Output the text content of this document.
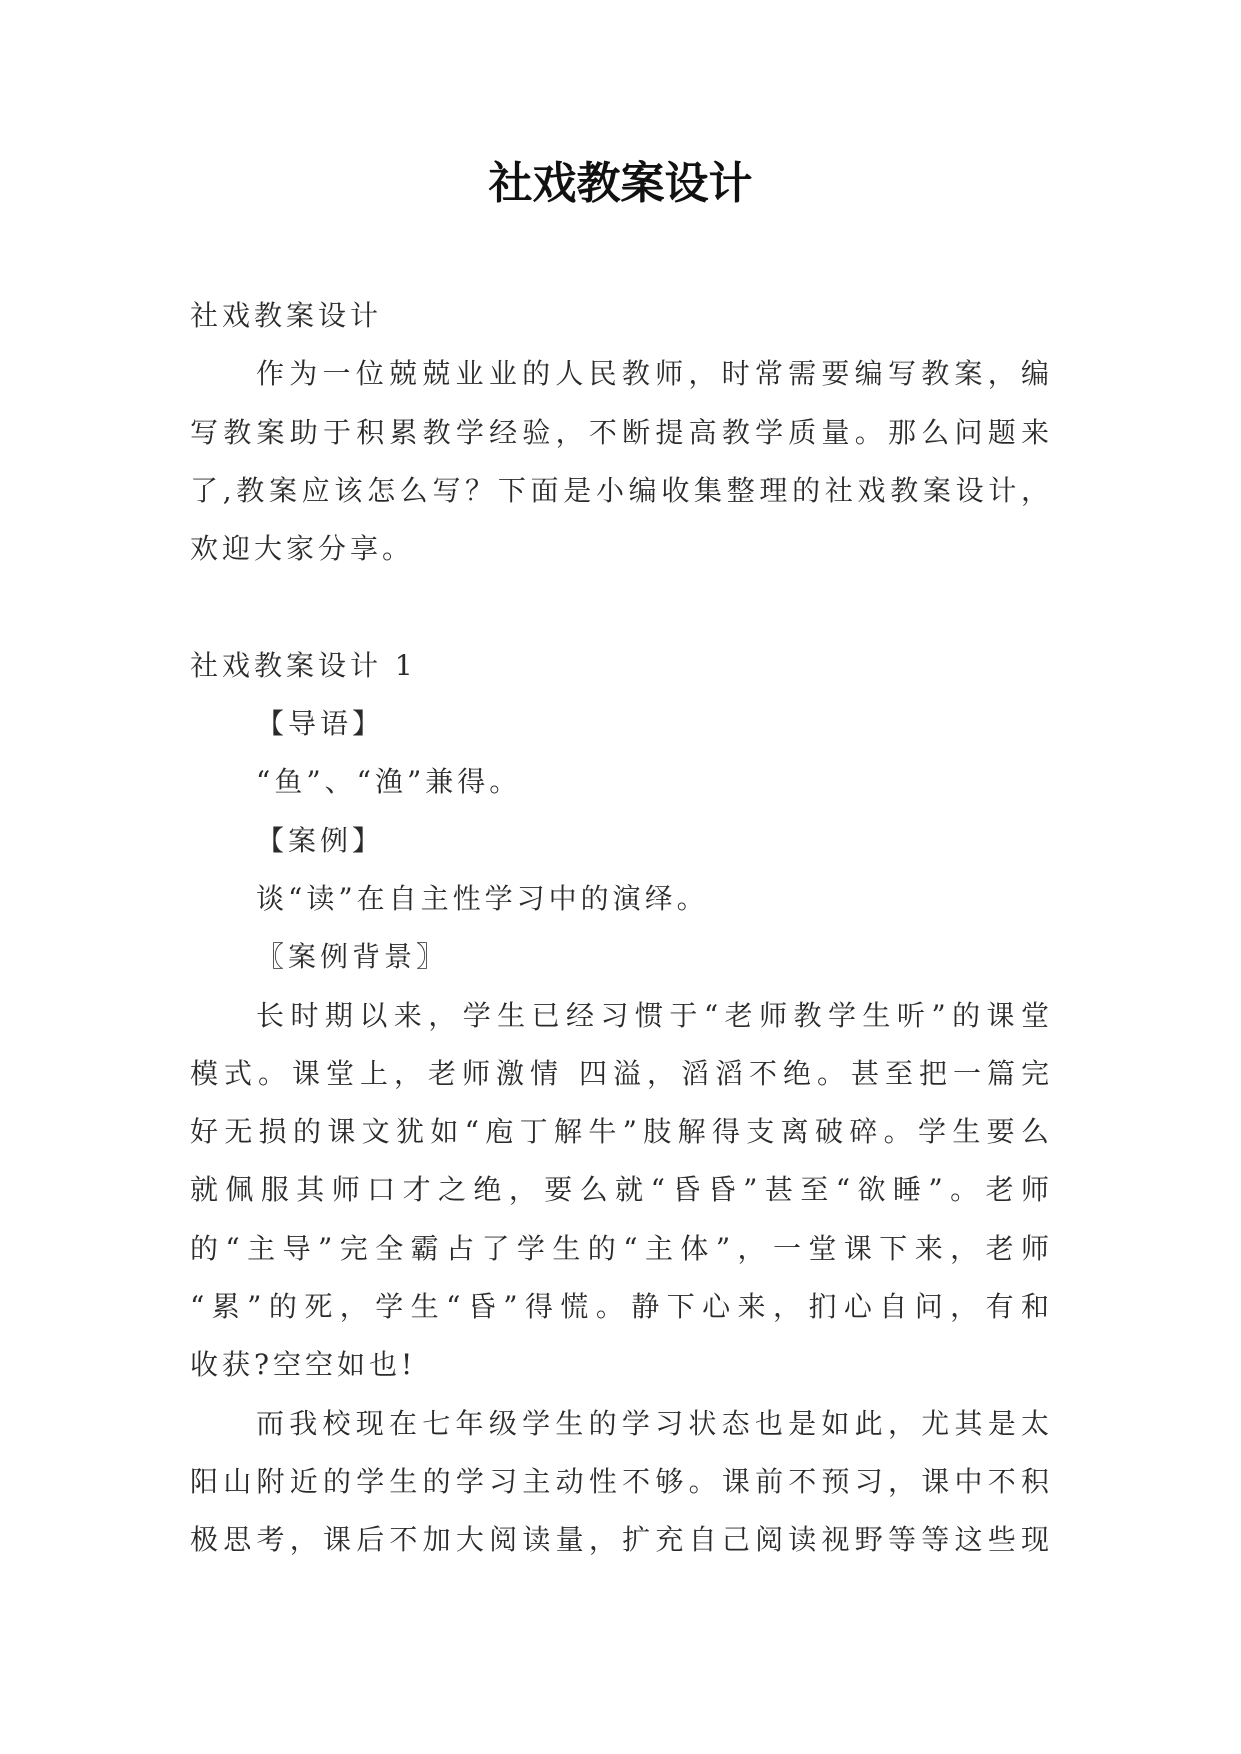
社戏教案设计
社戏教案设计
作为一位兢兢业业的人民教师，时常需要编写教案，编
写教案助于积累教学经验，不断提高教学质量。那么问题来
了,教案应该怎么写？下面是小编收集整理的社戏教案设计，
欢迎大家分享。
社戏教案设计 1
【导语】
“鱼”、“渔”兼得。
【案例】
谈“读”在自主性学习中的演绎。
〖案例背景〗
长时期以来，学生已经习惯于“老师教学生听”的课堂
模式。课堂上，老师激情 四溢，滔滔不绝。甚至把一篇完
好无损的课文犹如“庖丁解牛”肢解得支离破碎。学生要么
就佩服其师口才之绝，要么就“昏昏”甚至“欲睡”。老师
的“主导”完全霸占了学生的“主体”，一堂课下来，老师
“累”的死，学生“昏”得慌。静下心来，扪心自问，有和
收获?空空如也!
而我校现在七年级学生的学习状态也是如此，尤其是太
阳山附近的学生的学习主动性不够。课前不预习，课中不积
极思考，课后不加大阅读量，扩充自己阅读视野等等这些现
